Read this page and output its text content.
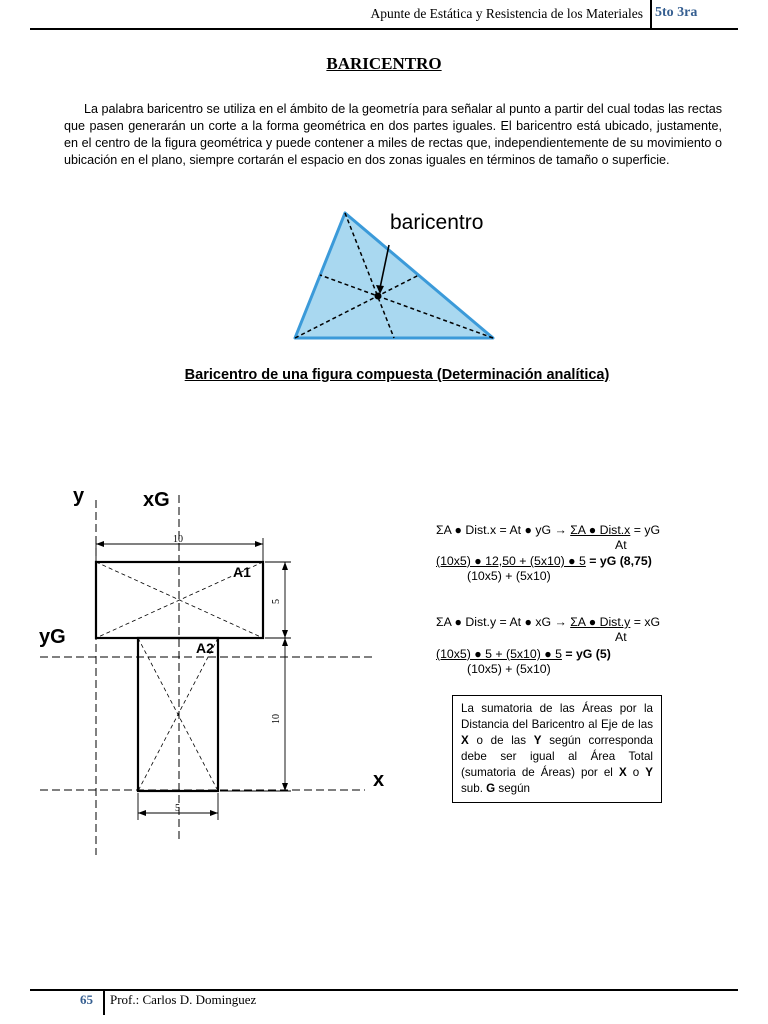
Apunte de Estática y Resistencia de los Materiales 5to 3ra
BARICENTRO

La palabra baricentro se utiliza en el ámbito de la geometría para señalar al punto a partir del cual todas las rectas que pasen generarán un corte a la forma geométrica en dos partes iguales. El baricentro está ubicado, justamente, en el centro de la figura geométrica y puede contener a miles de rectas que, independientemente de su movimiento o ubicación en el plano, siempre cortarán el espacio en dos zonas iguales en términos de tamaño o superficie.

baricentro
Baricentro de una figura compuesta (Determinación analítica)
y	xG
yG
x
A1
A2
10
5
10
5
ΣA ● Dist.x = At ● yG → ΣA ● Dist.x = yG
At
(10x5) ● 12,50 + (5x10) ● 5 = yG (8,75)
(10x5) + (5x10)
ΣA ● Dist.y = At ● xG → ΣA ● Dist.y = xG
At
(10x5) ● 5 + (5x10) ● 5 = yG (5)
(10x5) + (5x10)
La sumatoria de las Áreas por la Distancia del Baricentro al Eje de las X o de las Y según corresponda debe ser igual al Área Total (sumatoria de Áreas) por el X o Y sub. G según
65 Prof.: Carlos D. Dominguez
